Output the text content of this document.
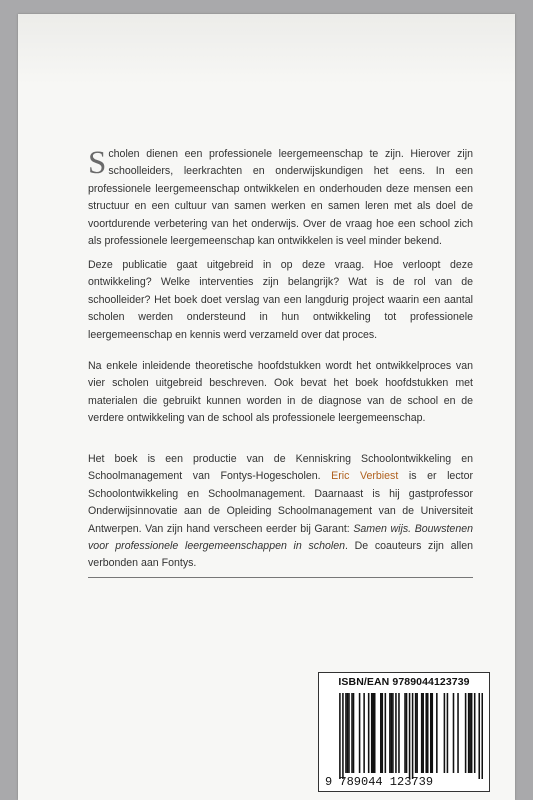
Scholen dienen een professionele leergemeenschap te zijn. Hierover zijn schoolleiders, leerkrachten en onderwijskundigen het eens. In een professionele leergemeenschap ontwikkelen en onderhouden deze mensen een structuur en een cultuur van samen werken en samen leren met als doel de voortdurende verbetering van het onderwijs. Over de vraag hoe een school zich als professionele leergemeenschap kan ontwikkelen is veel minder bekend.

Deze publicatie gaat uitgebreid in op deze vraag. Hoe verloopt deze ontwikkeling? Welke interventies zijn belangrijk? Wat is de rol van de schoolleider? Het boek doet verslag van een langdurig project waarin een aantal scholen werden ondersteund in hun ontwikkeling tot professionele leergemeenschap en kennis werd verzameld over dat proces.

Na enkele inleidende theoretische hoofdstukken wordt het ontwikkelproces van vier scholen uitgebreid beschreven. Ook bevat het boek hoofdstukken met materialen die gebruikt kunnen worden in de diagnose van de school en de verdere ontwikkeling van de school als professionele leergemeenschap.

Het boek is een productie van de Kenniskring Schoolontwikkeling en Schoolmanagement van Fontys-Hogescholen. Eric Verbiest is er lector Schoolontwikkeling en Schoolmanagement. Daarnaast is hij gastprofessor Onderwijsinnovatie aan de Opleiding Schoolmanagement van de Universiteit Antwerpen. Van zijn hand verscheen eerder bij Garant: Samen wijs. Bouwstenen voor professionele leergemeenschappen in scholen. De coauteurs zijn allen verbonden aan Fontys.

ISBN/EAN 9789044123739
9 789044 123739
